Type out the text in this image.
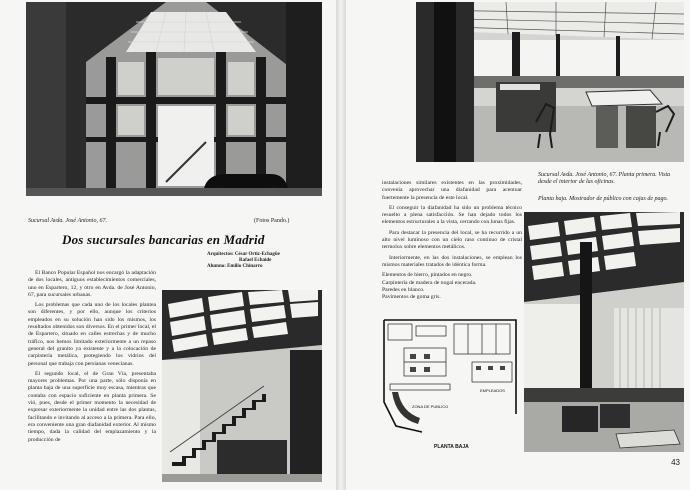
Sucursal Avda. José Antonio, 67.	(Fotos Pando.)
Dos sucursales bancarias en Madrid
Arquitectos: César Ortiz-Echagüe
Rafael Echaide
Alumno: Emilio Chinarro

El Banco Popular Español nos encargó la adaptación de dos locales, antiguos establecimientos comerciales, uno en Espartero, 12, y otro en Avda. de José Antonio, 67, para sucursales urbanas.

Los problemas que cada uno de los locales plantea son diferentes, y por ello, aunque los criterios empleados en su solución han sido los mismos, los resultados obtenidos son diversos. En el primer local, el de Espartero, situado en calles estrechas y de mucho tráfico, nos hemos limitado exteriormente a un repaso general del granito ya existente y a la colocación de carpintería metálica, protegiendo los vidrios del personal que trabaja con persianas venecianas.

El segundo local, el de Gran Vía, presentaba mayores problemas. Por una parte, sólo disponía en planta baja de una superficie muy escasa, mientras que contaba con espacio suficiente en planta primera. Se vió, pues, desde el primer momento la necesidad de expresar exteriormente la unidad entre las dos plantas, facilitando e invitando al acceso a la primera. Para ello, era conveniente una gran diafanidad exterior. Al mismo tiempo, dada la calidad del emplazamiento y la producción de

Sucursal Avda. José Antonio, 67. Planta primera. Vista desde el interior de las oficinas.

instalaciones similares existentes en las proximidades, convenía aprovechar una diafanidad para acentuar fuertemente la presencia de este local.

El conseguir la diafanidad ha sido un problema técnico resuelto a plena satisfacción. Se han dejado todos los elementos estructurales a la vista, cerrando con lunas fijas.

Para destacar la presencia del local, se ha recurrido a un alto nivel luminoso con un cielo raso continuo de cristal termolux sobre elementos metálicos.

Interiormente, en las dos instalaciones, se emplean los mismos materiales tratados de idéntica forma.

Elementos de hierro, pintados en negro.

Carpintería de madera de nogal encerada.

Paredes en blanco.

Pavimentos de goma gris.

Planta baja. Mostrador de público con cajas de pago.
EMPLEADOS
ZONA DE PUBLICO
PLANTA BAJA
43
